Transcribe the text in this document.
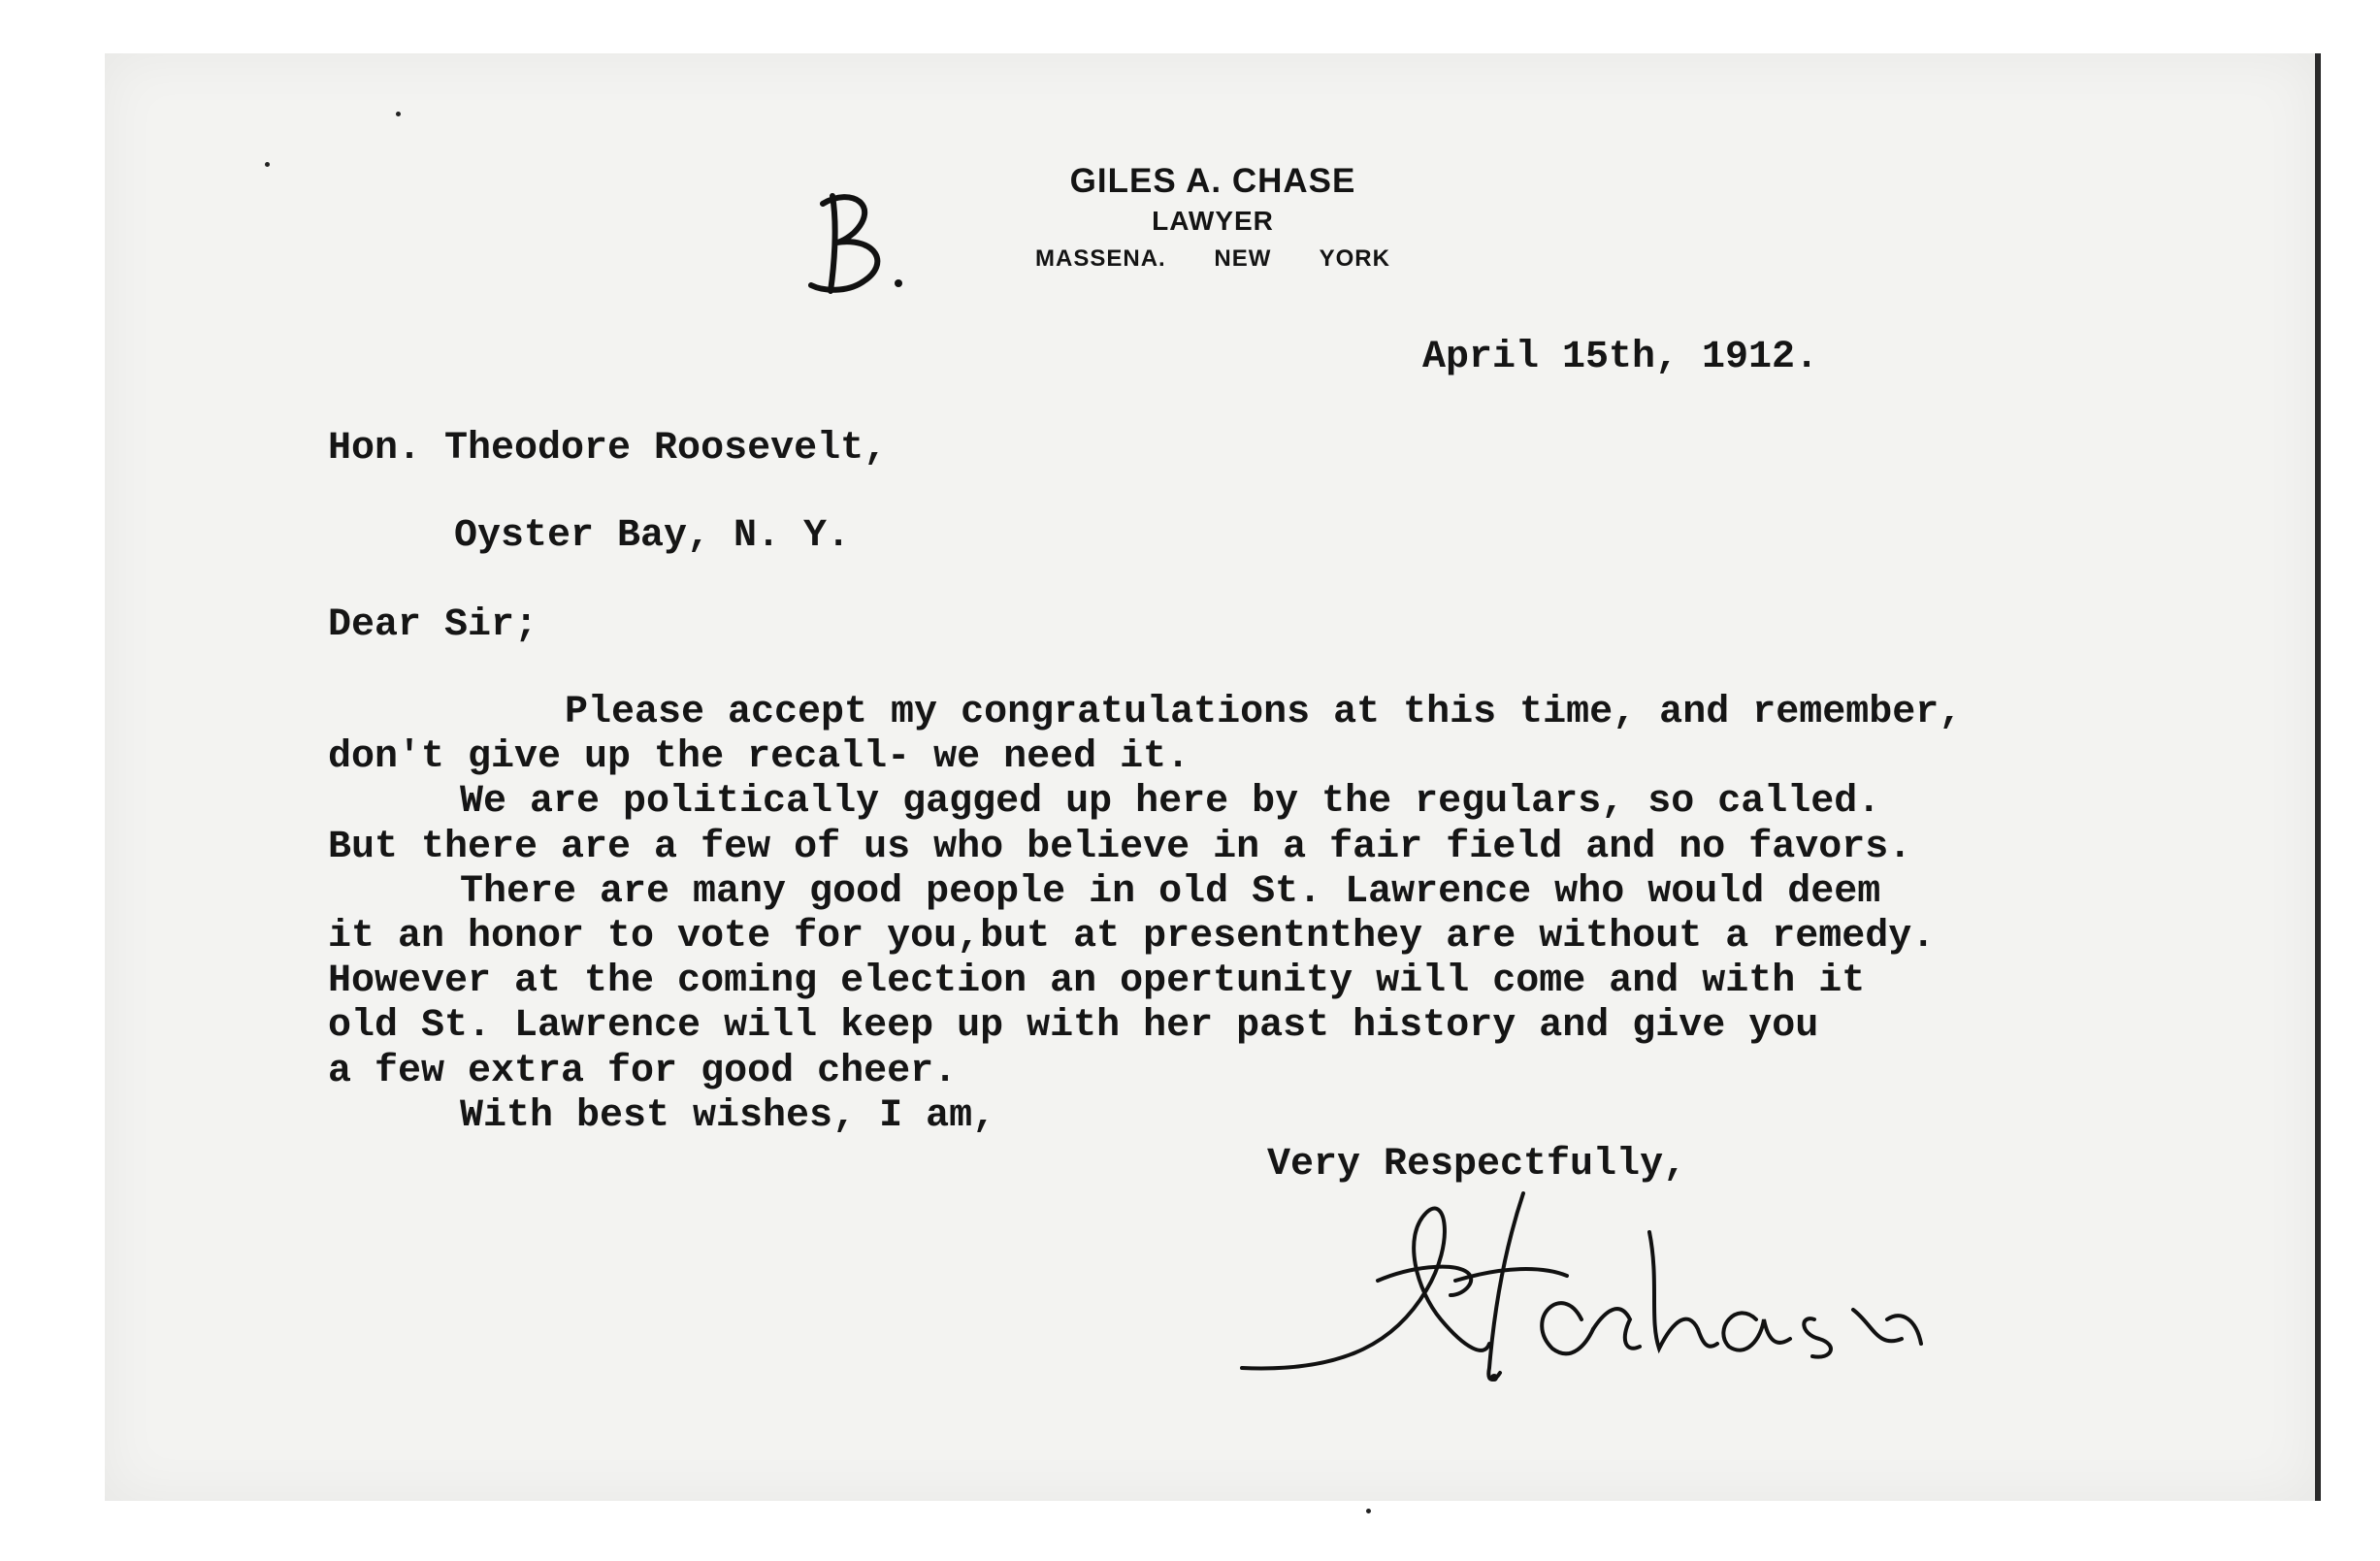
GILES A. CHASE
LAWYER
MASSENA. NEW YORK
April 15th, 1912.
Hon. Theodore Roosevelt,
Oyster Bay, N. Y.
Dear Sir;
Please accept my congratulations at this time, and remember,
don't give up the recall- we need it.
We are politically gagged up here by the regulars, so called.
But there are a few of us who believe in a fair field and no favors.
There are many good people in old St. Lawrence who would deem
it an honor to vote for you,but at presentnthey are without a remedy.
However at the coming election an opertunity will come and with it
old St. Lawrence will keep up with her past history and give you
a few extra for good cheer.
With best wishes, I am,
Very Respectfully,
